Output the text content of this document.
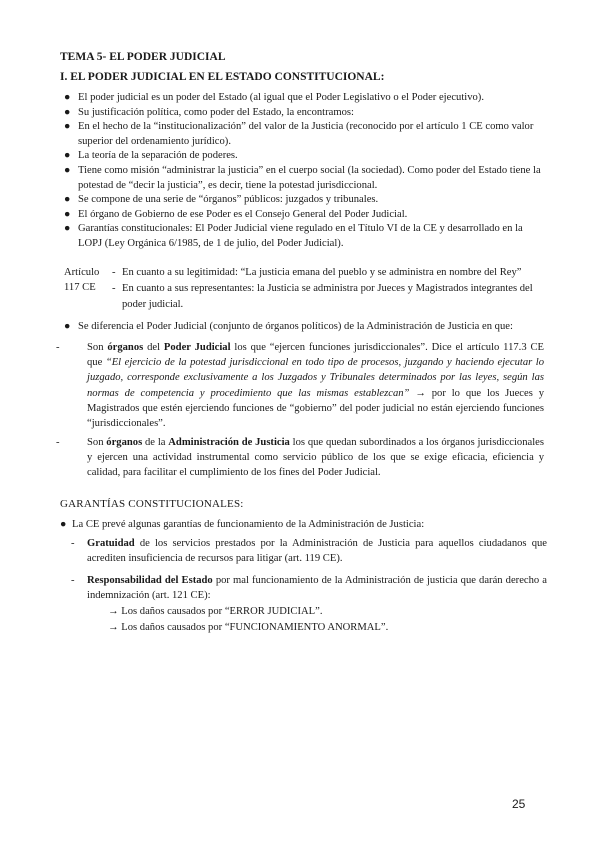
TEMA 5- EL PODER JUDICIAL
I. EL PODER JUDICIAL EN EL ESTADO CONSTITUCIONAL:
● El poder judicial es un poder del Estado (al igual que el Poder Legislativo o el Poder ejecutivo).
● Su justificación política, como poder del Estado, la encontramos:
● En el hecho de la “institucionalización” del valor de la Justicia (reconocido por el artículo 1 CE como valor superior del ordenamiento jurídico).
● La teoría de la separación de poderes.
● Tiene como misión “administrar la justicia” en el cuerpo social (la sociedad). Como poder del Estado tiene la potestad de “decir la justicia”, es decir, tiene la potestad jurisdiccional.
● Se compone de una serie de “órganos” públicos: juzgados y tribunales.
● El órgano de Gobierno de ese Poder es el Consejo General del Poder Judicial.
● Garantías constitucionales: El Poder Judicial viene regulado en el Título VI de la CE y desarrollado en la LOPJ (Ley Orgánica 6/1985, de 1 de julio, del Poder Judicial).
Artículo 117 CE
- En cuanto a su legitimidad: “La justicia emana del pueblo y se administra en nombre del Rey”
- En cuanto a sus representantes: la Justicia se administra por Jueces y Magistrados integrantes del poder judicial.
● Se diferencia el Poder Judicial (conjunto de órganos políticos) de la Administración de Justicia en que:
-	Son órganos del Poder Judicial los que “ejercen funciones jurisdiccionales”. Dice el artículo 117.3 CE que “El ejercicio de la potestad jurisdiccional en todo tipo de procesos, juzgando y haciendo ejecutar lo juzgado, corresponde exclusivamente a los Juzgados y Tribunales determinados por las leyes, según las normas de competencia y procedimiento que las mismas establezcan” → por lo que los Jueces y Magistrados que estén ejerciendo funciones de “gobierno” del poder judicial no están ejerciendo funciones “jurisdiccionales”.
-	Son órganos de la Administración de Justicia los que quedan subordinados a los órganos jurisdiccionales y ejercen una actividad instrumental como servicio público de los que se exige eficacia, eficiencia y calidad, para facilitar el cumplimiento de los fines del Poder Judicial.
GARANTÍAS CONSTITUCIONALES:
● La CE prevé algunas garantías de funcionamiento de la Administración de Justicia:
-	Gratuidad de los servicios prestados por la Administración de Justicia para aquellos ciudadanos que acrediten insuficiencia de recursos para litigar (art. 119 CE).
-	Responsabilidad del Estado por mal funcionamiento de la Administración de justicia que darán derecho a indemnización (art. 121 CE):
→ Los daños causados por “ERROR JUDICIAL”.
→ Los daños causados por “FUNCIONAMIENTO ANORMAL”.
25
